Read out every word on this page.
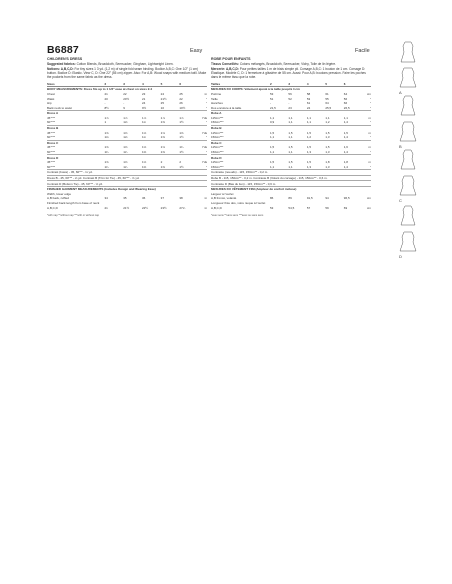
B6887	Easy	Facile
CHILDREN'S DRESS

Suggested fabrics: Cotton Blends, Broadcloth, Seersucker, Gingham, Lightweight Linen.

Notions: A,B,C,D: For tiny sizes 1 3 yd. (1,2 m) of single fold seam binding. Bodice A,B,C: One 1/2" (1 cm) button. Bodice D: Elastic. View C, D: One 22" (55 cm) zipper. Also: For A,B: Wood snaps with medium twill. Make the pockets from the same fabric as the dress.

Sizes	2	3	4	5	6	
BODY MEASUREMENTS: Dress fits up to 1 1/2" ease at chest on sizes 2-4						
Chest	21	22	23	24	25	in
Waist	20	20½	21	21½	22	"
Hip	-	-	24	25	26	"
Back neck to waist	8½	9	9½	10	10½	"
Dress A						
45"***	1⅞	1⅞	1⅞	1⅞	1⅞	Yds
60"***	1	1⅛	1¼	1⅜	1½	"
Dress B						
45"***	1⅝	1⅝	1⅝	1⅝	1⅝	Yds
60"***	1⅛	1⅛	1¼	1⅜	1½	"
Dress C						
45"***	1⅝	1⅝	1⅝	1⅝	1¾	Yds
60"***	1¼	1¼	1⅜	1⅜	1½	"
Dress D						
45"***	1⅝	1⅝	1⅝	2	2	Yds
60"***	1¼	1¼	1⅜	1⅜	1½	"
Contrast (bows) - 45, 60"** - ⅛ yd.						
Dress B - 45, 60"** - ⅛ yd. Contrast B (Trim for Tie) - 45, 60"** - ⅝ yd.						
Contrast D (Bottom Tie) - 45, 60"** - ⅝ yd.						
FINISHED GARMENT MEASUREMENTS (Includes Design and Wearing Ease)						
Width, lower edge						
A,B back, ruffled	34	35	36	37	38	in
Finished back length from base of neck						
A,B,C,D	21	21½	22½	23½	27¼	in
*with nap **without nap ***with or without nap
ROBE POUR ENFANTS

Tissus Conseillés: Cotons mélangés, Broadcloth, Seersucker, Vichy, Toile de lin légère.

Mercerie: A,B,C,D: Pour petites tailles 1 m de biais simple pli. Corsage A,B,C: 1 bouton de 1 cm. Corsage D: Élastique. Modèle C, D: 1 fermeture à glissière de 55 cm. Aussi: Pour A,B: boutons pression. Faire les poches dans le même tissu que la robe.

Tailles	2	3	4	5	6	
MESURES DU CORPS: Vêtement ajusté à la taille jusqu'à 4 cm						
Poitrine	53	56	58	61	64	cm
Taille	51	52	53	55	56	"
Hanches	-	-	61	64	66	"
Dos encolure à la taille	21,5	23	24	25,5	26,5	"
Robe A						
115cm***	1,1	1,1	1,1	1,1	1,1	m
150cm***	0,9	1,1	1,1	1,2	1,4	"
Robe B						
115cm***	1,5	1,5	1,5	1,5	1,5	m
150cm***	1,1	1,1	1,2	1,3	1,4	"
Robe C						
115cm***	1,5	1,5	1,5	1,5	1,6	m
150cm***	1,1	1,1	1,3	1,3	1,4	"
Robe D						
115cm***	1,5	1,5	1,5	1,8	1,8	m
150cm***	1,1	1,1	1,3	1,3	1,4	"
Contraste (noeuds) - 115, 150cm** - 0,2 m.						
Robe B - 115, 150cm** - 0,2 m. Contraste B (Volant du corsage) - 115, 150cm** - 0,6 m.						
Contraste D (Bas du lien) - 115, 150cm** - 0,6 m.						
MESURES DU VÊTEMENT FINI (Ampleur de confort incluse)						
Largeur à l'ourlet						
A,B froncé, volanté	86	89	91,5	94	96,5	cm
Longueur finie dos, votre nuque à l'ourlet						
A,B,C,D	53	54,5	57	59	69	cm
*avec sens **sans sens ***avec ou sans sens
A
B
C
D
